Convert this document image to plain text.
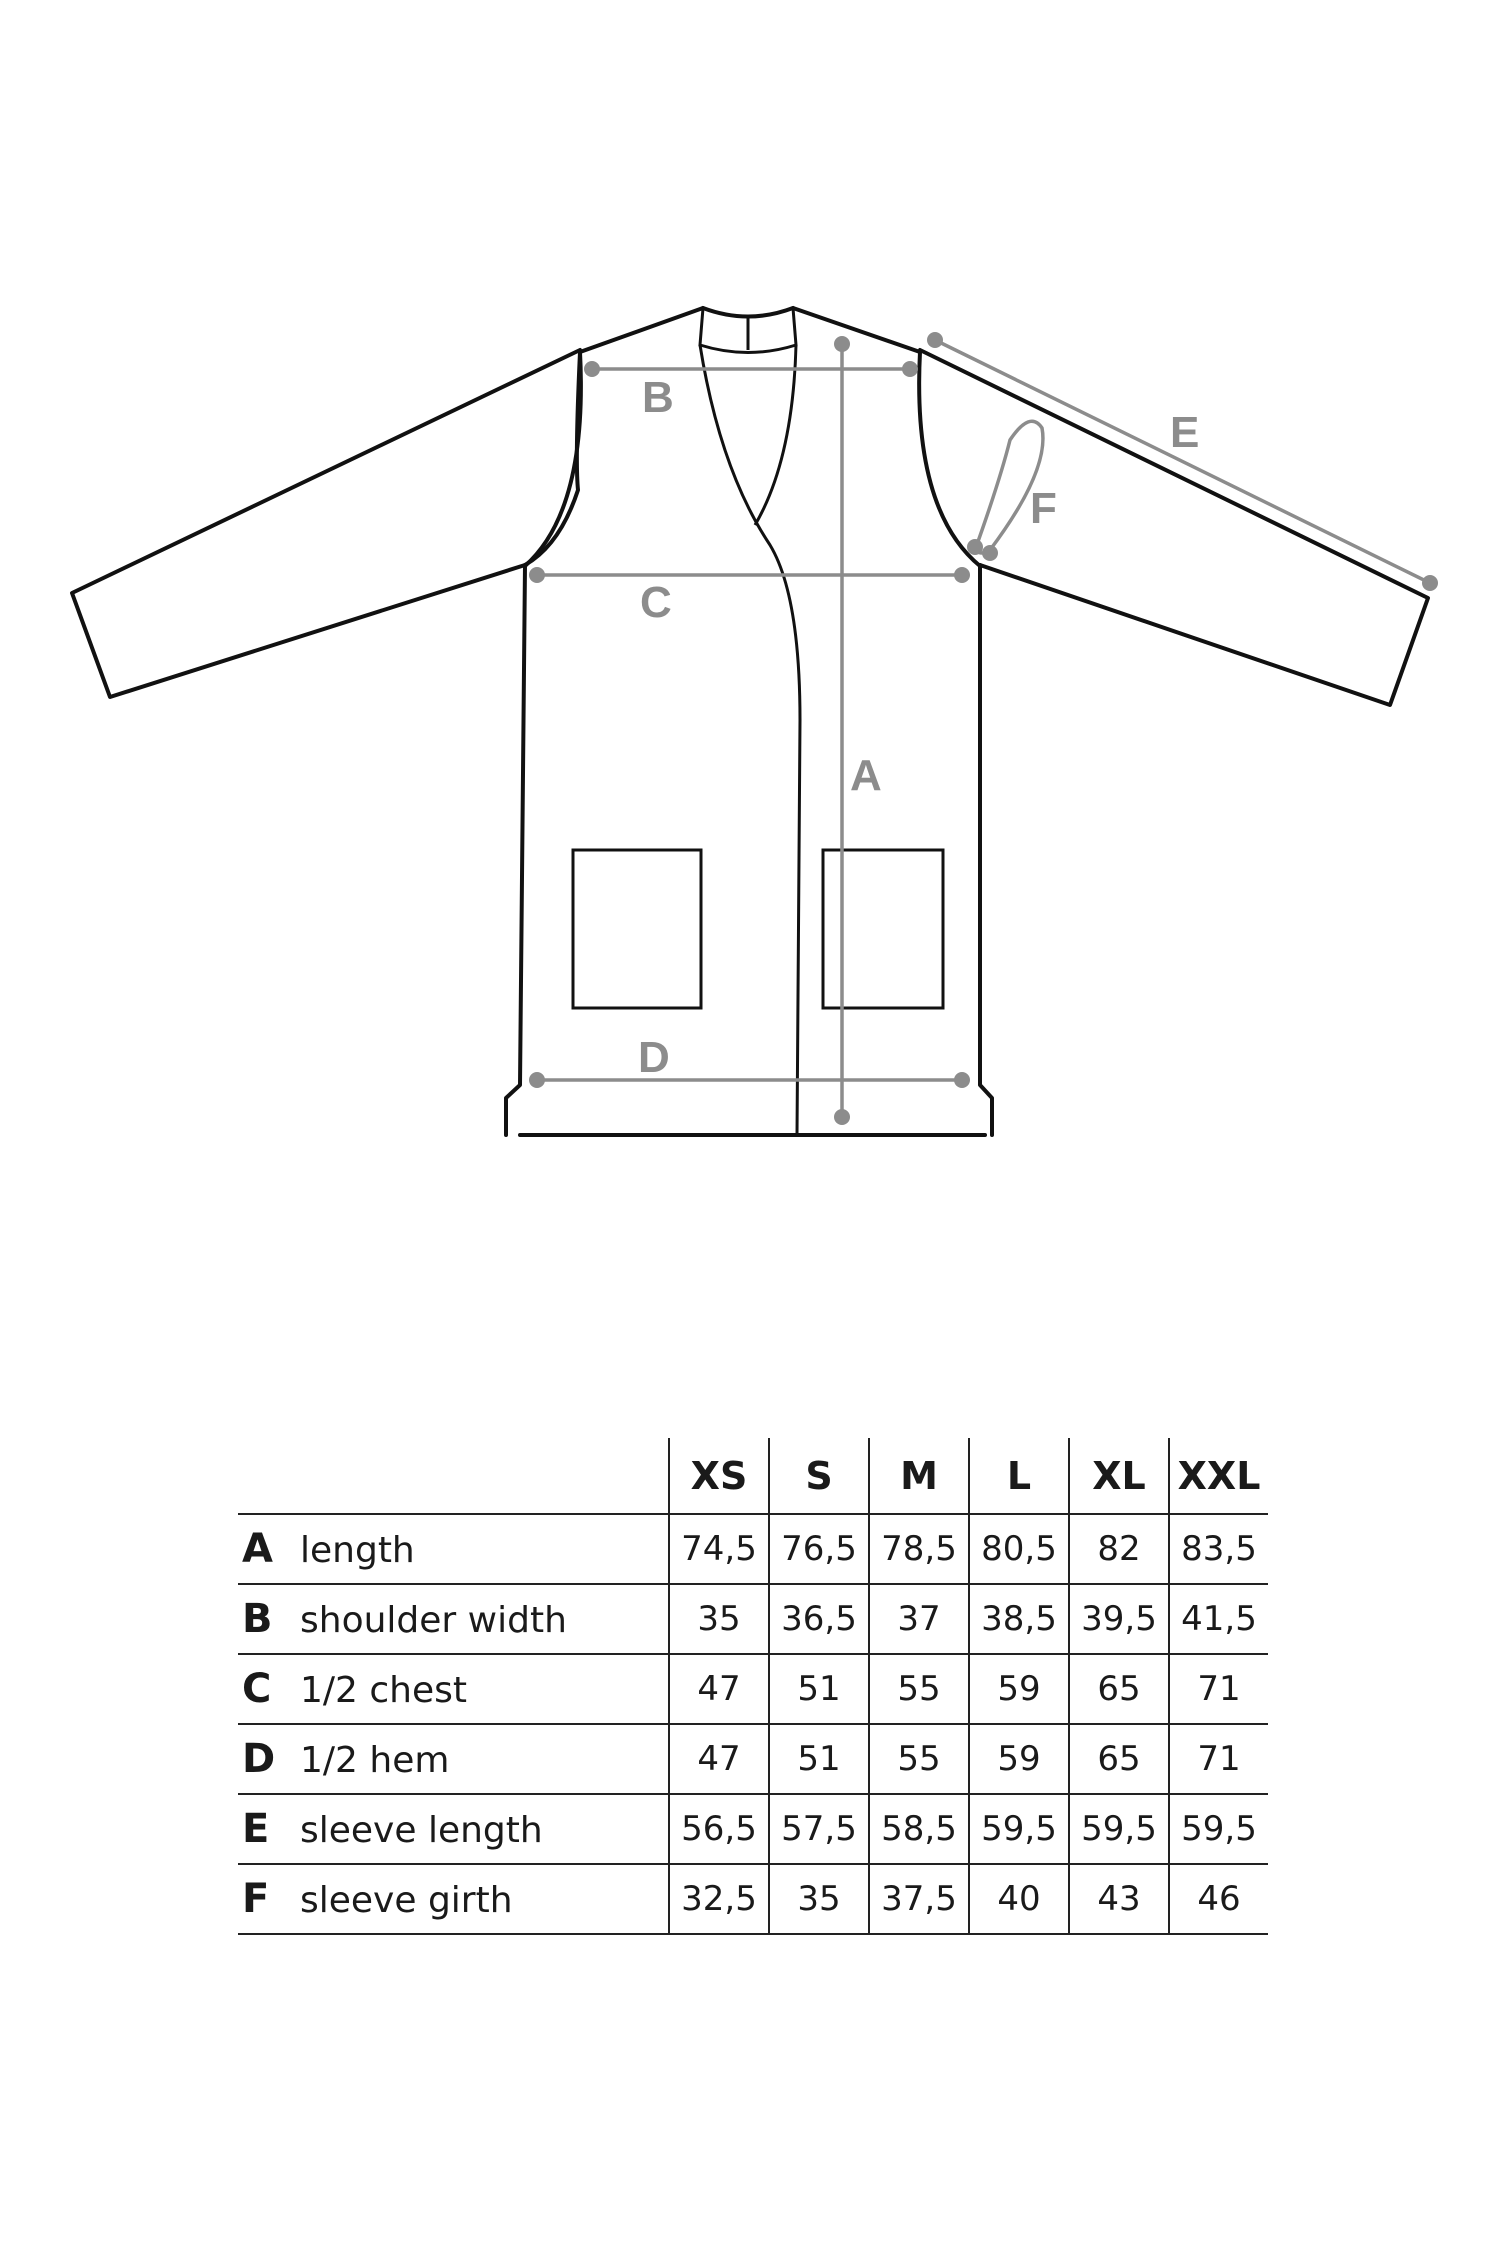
A
B
C
D
E
F
	XS	S	M	L	XL	XXL
A length	74,5	76,5	78,5	80,5	82	83,5
B shoulder width	35	36,5	37	38,5	39,5	41,5
C 1/2 chest	47	51	55	59	65	71
D 1/2 hem	47	51	55	59	65	71
E sleeve length	56,5	57,5	58,5	59,5	59,5	59,5
F sleeve girth	32,5	35	37,5	40	43	46
